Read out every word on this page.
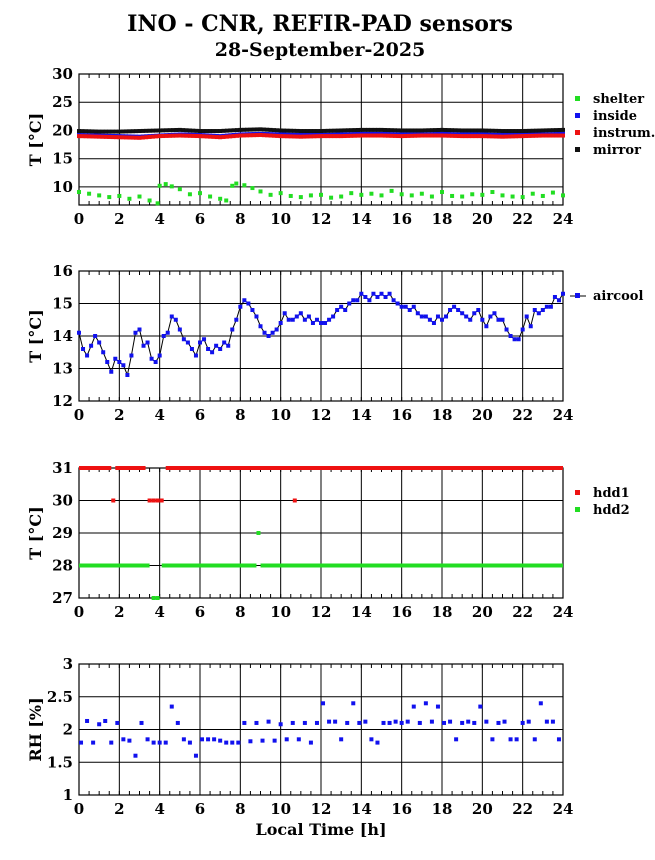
INO - CNR, REFIR-PAD sensors
28-September-2025
0 2 4 6 8 10 12 14 16 18 20 22 24
10
15
20
25
30
T [°C]
shelter
inside
instrum.
mirror
0 2 4 6 8 10 12 14 16 18 20 22 24
12
13
14
15
16
T [°C]
aircool
0 2 4 6 8 10 12 14 16 18 20 22 24
27
28
29
30
31
T [°C]
hdd1
hdd2
0 2 4 6 8 10 12 14 16 18 20 22 24
1
1.5
2
2.5
3
RH [%]
Local Time [h]
